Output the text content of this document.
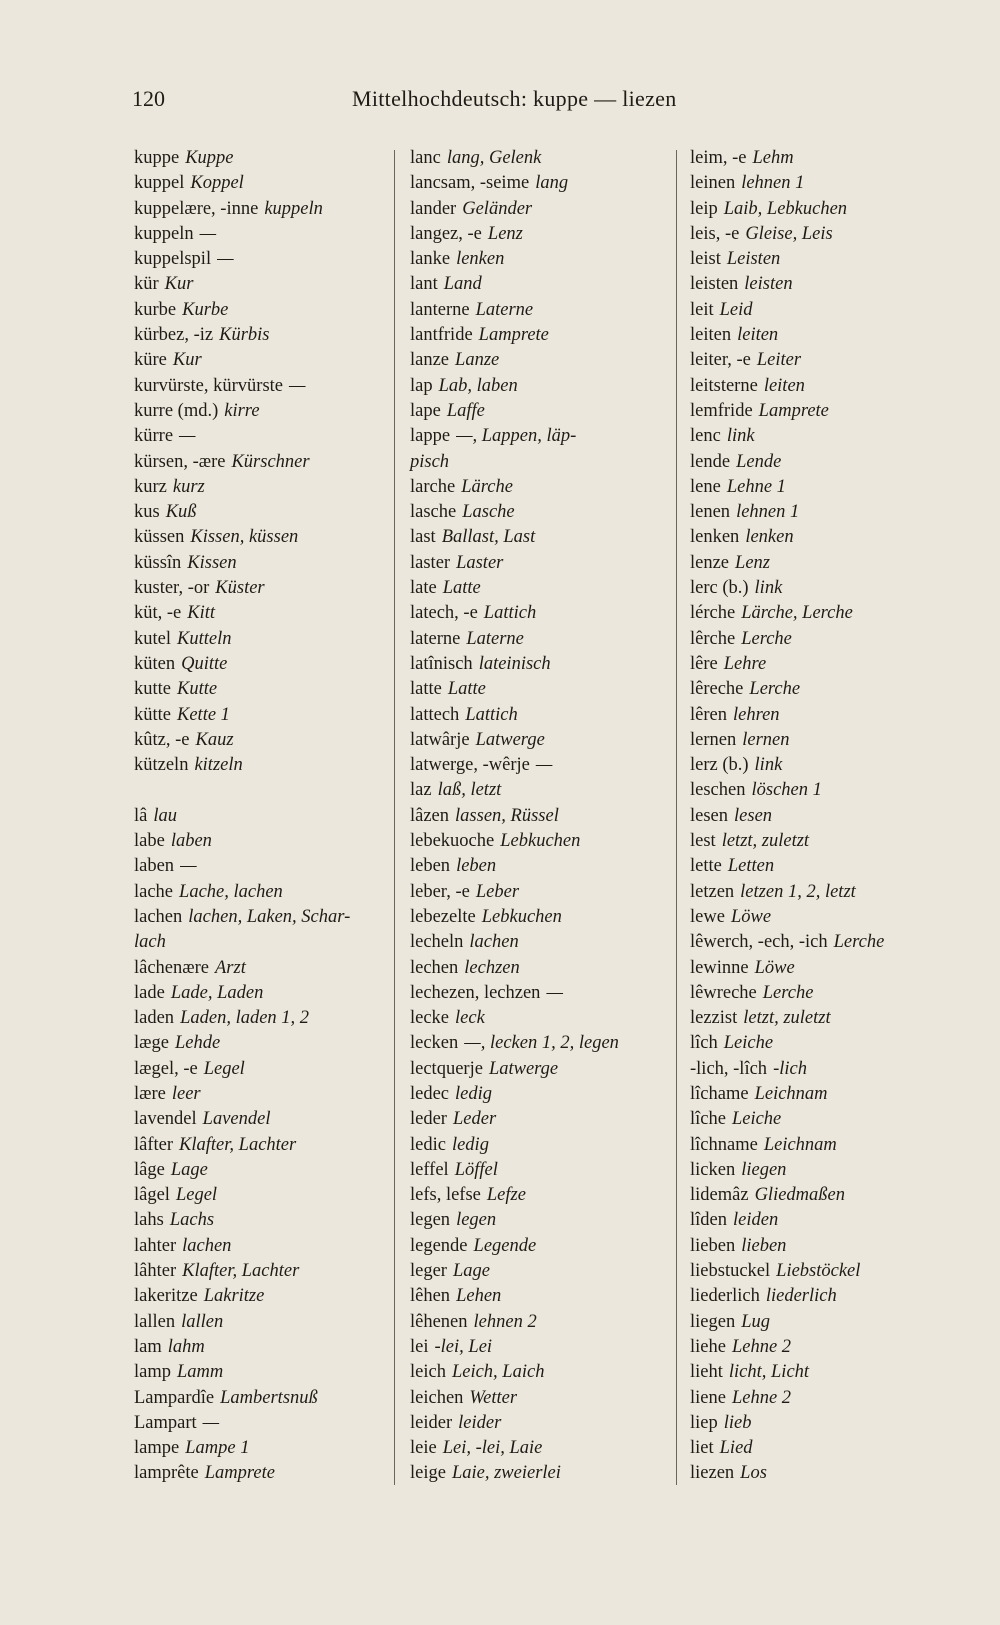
120	Mittelhochdeutsch: kuppe — liezen
kuppe Kuppe
kuppel Koppel
kuppelære, -inne kuppeln
kuppeln —
kuppelspil —
kür Kur
kurbe Kurbe
kürbez, -iz Kürbis
küre Kur
kurvürste, kürvürste —
kurre (md.) kirre
kürre —
kürsen, -ære Kürschner
kurz kurz
kus Kuß
küssen Kissen, küssen
küssîn Kissen
kuster, -or Küster
küt, -e Kitt
kutel Kutteln
küten Quitte
kutte Kutte
kütte Kette 1
kûtz, -e Kauz
kützeln kitzeln
lâ lau
labe laben
laben —
lache Lache, lachen
lachen lachen, Laken, Schar-
lach
lâchenære Arzt
lade Lade, Laden
laden Laden, laden 1, 2
læge Lehde
lægel, -e Legel
lære leer
lavendel Lavendel
lâfter Klafter, Lachter
lâge Lage
lâgel Legel
lahs Lachs
lahter lachen
lâhter Klafter, Lachter
lakeritze Lakritze
lallen lallen
lam lahm
lamp Lamm
Lampardîe Lambertsnuß
Lampart —
lampe Lampe 1
lamprête Lamprete
lanc lang, Gelenk
lancsam, -seime lang
lander Geländer
langez, -e Lenz
lanke lenken
lant Land
lanterne Laterne
lantfride Lamprete
lanze Lanze
lap Lab, laben
lape Laffe
lappe —, Lappen, läp-
pisch
larche Lärche
lasche Lasche
last Ballast, Last
laster Laster
late Latte
latech, -e Lattich
laterne Laterne
latînisch lateinisch
latte Latte
lattech Lattich
latwârje Latwerge
latwerge, -wêrje —
laz laß, letzt
lâzen lassen, Rüssel
lebekuoche Lebkuchen
leben leben
leber, -e Leber
lebezelte Lebkuchen
lecheln lachen
lechen lechzen
lechezen, lechzen —
lecke leck
lecken —, lecken 1, 2, legen
lectquerje Latwerge
ledec ledig
leder Leder
ledic ledig
leffel Löffel
lefs, lefse Lefze
legen legen
legende Legende
leger Lage
lêhen Lehen
lêhenen lehnen 2
lei -lei, Lei
leich Leich, Laich
leichen Wetter
leider leider
leie Lei, -lei, Laie
leige Laie, zweierlei
leim, -e Lehm
leinen lehnen 1
leip Laib, Lebkuchen
leis, -e Gleise, Leis
leist Leisten
leisten leisten
leit Leid
leiten leiten
leiter, -e Leiter
leitsterne leiten
lemfride Lamprete
lenc link
lende Lende
lene Lehne 1
lenen lehnen 1
lenken lenken
lenze Lenz
lerc (b.) link
lérche Lärche, Lerche
lêrche Lerche
lêre Lehre
lêreche Lerche
lêren lehren
lernen lernen
lerz (b.) link
leschen löschen 1
lesen lesen
lest letzt, zuletzt
lette Letten
letzen letzen 1, 2, letzt
lewe Löwe
lêwerch, -ech, -ich Lerche
lewinne Löwe
lêwreche Lerche
lezzist letzt, zuletzt
lîch Leiche
-lich, -lîch -lich
lîchame Leichnam
lîche Leiche
lîchname Leichnam
licken liegen
lidemâz Gliedmaßen
lîden leiden
lieben lieben
liebstuckel Liebstöckel
liederlich liederlich
liegen Lug
liehe Lehne 2
lieht licht, Licht
liene Lehne 2
liep lieb
liet Lied
liezen Los
